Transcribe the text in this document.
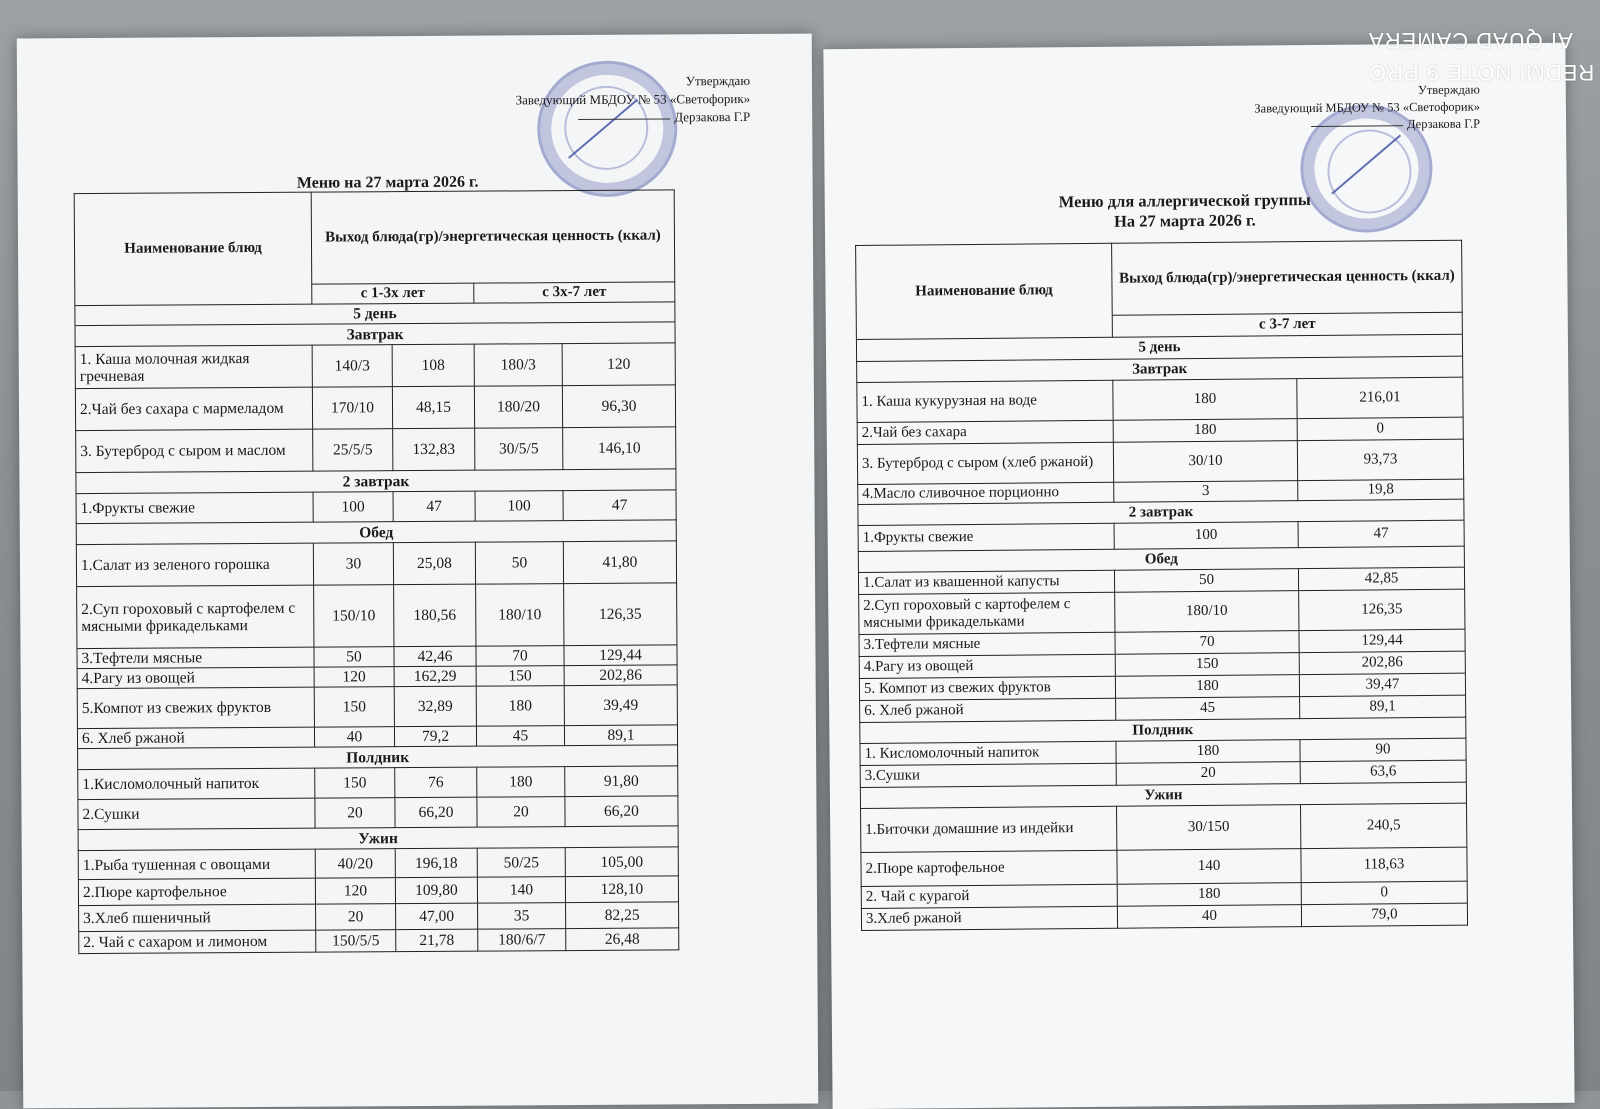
Утверждаю
Заведующий МБДОУ № 53 «Светофорик»
Дерзакова Г.Р
Меню на 27 марта 2026 г.
Наименование блюд	Выход блюда(гр)/энергетическая ценность (ккал)			
	с 1-3х лет		с 3х-7 лет	
5 день				
Завтрак				
1. Каша молочная жидкая гречневая	140/3	108	180/3	120
2.Чай без сахара с мармеладом	170/10	48,15	180/20	96,30
3. Бутерброд с сыром и маслом	25/5/5	132,83	30/5/5	146,10
2 завтрак				
1.Фрукты свежие	100	47	100	47
Обед				
1.Салат из зеленого горошка	30	25,08	50	41,80
2.Суп гороховый с картофелем с мясными фрикадельками	150/10	180,56	180/10	126,35
3.Тефтели мясные	50	42,46	70	129,44
4.Рагу из овощей	120	162,29	150	202,86
5.Компот из свежих фруктов	150	32,89	180	39,49
6. Хлеб ржаной	40	79,2	45	89,1
Полдник				
1.Кисломолочный напиток	150	76	180	91,80
2.Сушки	20	66,20	20	66,20
Ужин				
1.Рыба тушенная с овощами	40/20	196,18	50/25	105,00
2.Пюре картофельное	120	109,80	140	128,10
3.Хлеб пшеничный	20	47,00	35	82,25
2. Чай с сахаром и лимоном	150/5/5	21,78	180/6/7	26,48
Утверждаю
Заведующий МБДОУ № 53 «Светофорик»
Дерзакова Г.Р
Меню для аллергической группы
На 27 марта 2026 г.
Наименование блюд	Выход блюда(гр)/энергетическая ценность (ккал)	
	с 3-7 лет	
5 день		
Завтрак		
1. Каша кукурузная на воде	180	216,01
2.Чай без сахара	180	0
3. Бутерброд с сыром (хлеб ржаной)	30/10	93,73
4.Масло сливочное порционно	3	19,8
2 завтрак		
1.Фрукты свежие	100	47
Обед		
1.Салат из квашенной капусты	50	42,85
2.Суп гороховый с картофелем с мясными фрикадельками	180/10	126,35
3.Тефтели мясные	70	129,44
4.Рагу из овощей	150	202,86
5. Компот из свежих фруктов	180	39,47
6. Хлеб ржаной	45	89,1
Полдник		
1. Кисломолочный напиток	180	90
3.Сушки	20	63,6
Ужин		
1.Биточки домашние из индейки	30/150	240,5
2.Пюре картофельное	140	118,63
2. Чай с курагой	180	0
3.Хлеб ржаной	40	79,0
REDMI NOTE 9 PRO
AI QUAD CAMERA
